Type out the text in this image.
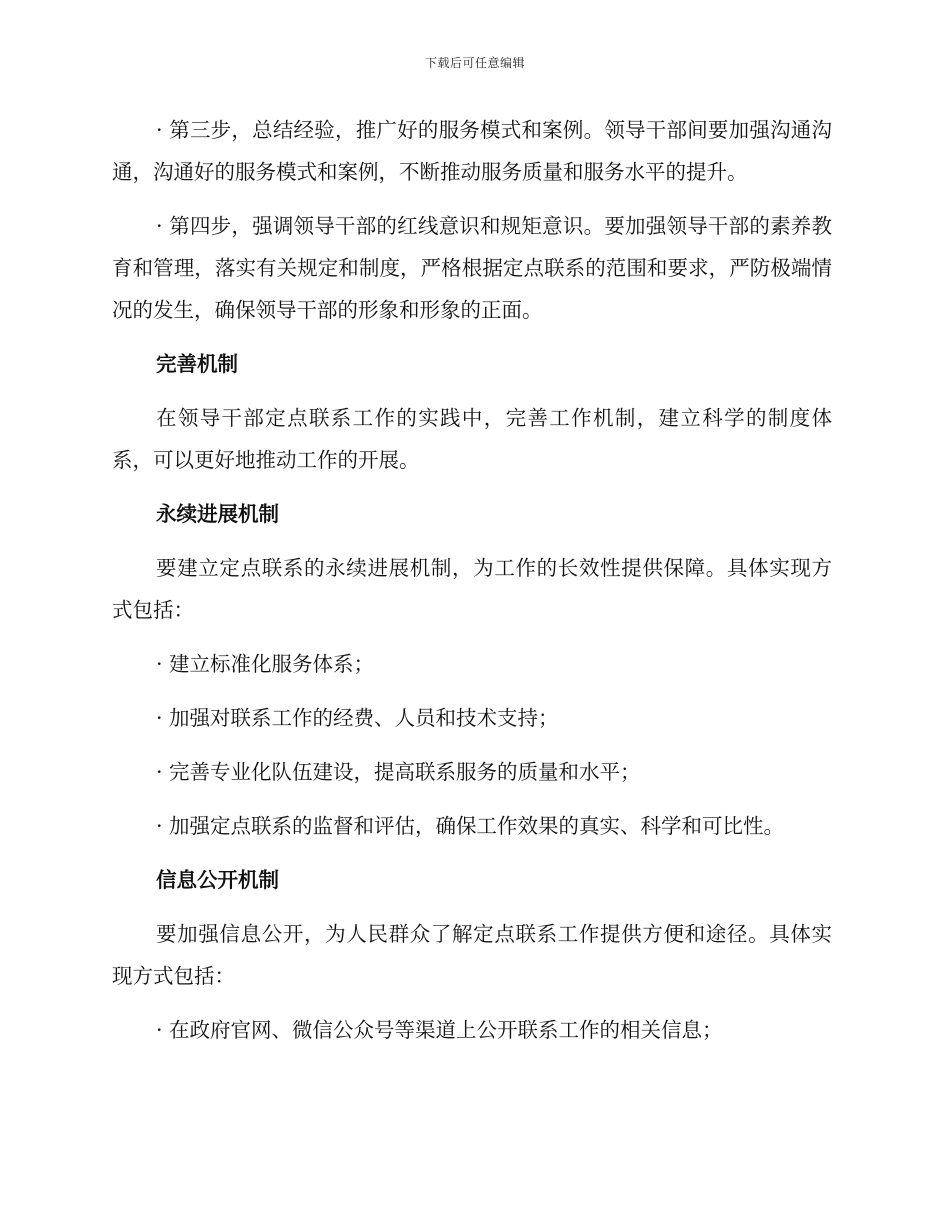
下载后可任意编辑

· 第三步，总结经验，推广好的服务模式和案例。领导干部间要加强沟通沟通，沟通好的服务模式和案例，不断推动服务质量和服务水平的提升。

· 第四步，强调领导干部的红线意识和规矩意识。要加强领导干部的素养教育和管理，落实有关规定和制度，严格根据定点联系的范围和要求，严防极端情况的发生，确保领导干部的形象和形象的正面。

完善机制

在领导干部定点联系工作的实践中，完善工作机制，建立科学的制度体系，可以更好地推动工作的开展。

永续进展机制

要建立定点联系的永续进展机制，为工作的长效性提供保障。具体实现方式包括：

· 建立标准化服务体系；

· 加强对联系工作的经费、人员和技术支持；

· 完善专业化队伍建设，提高联系服务的质量和水平；

· 加强定点联系的监督和评估，确保工作效果的真实、科学和可比性。

信息公开机制

要加强信息公开，为人民群众了解定点联系工作提供方便和途径。具体实现方式包括：

· 在政府官网、微信公众号等渠道上公开联系工作的相关信息；
